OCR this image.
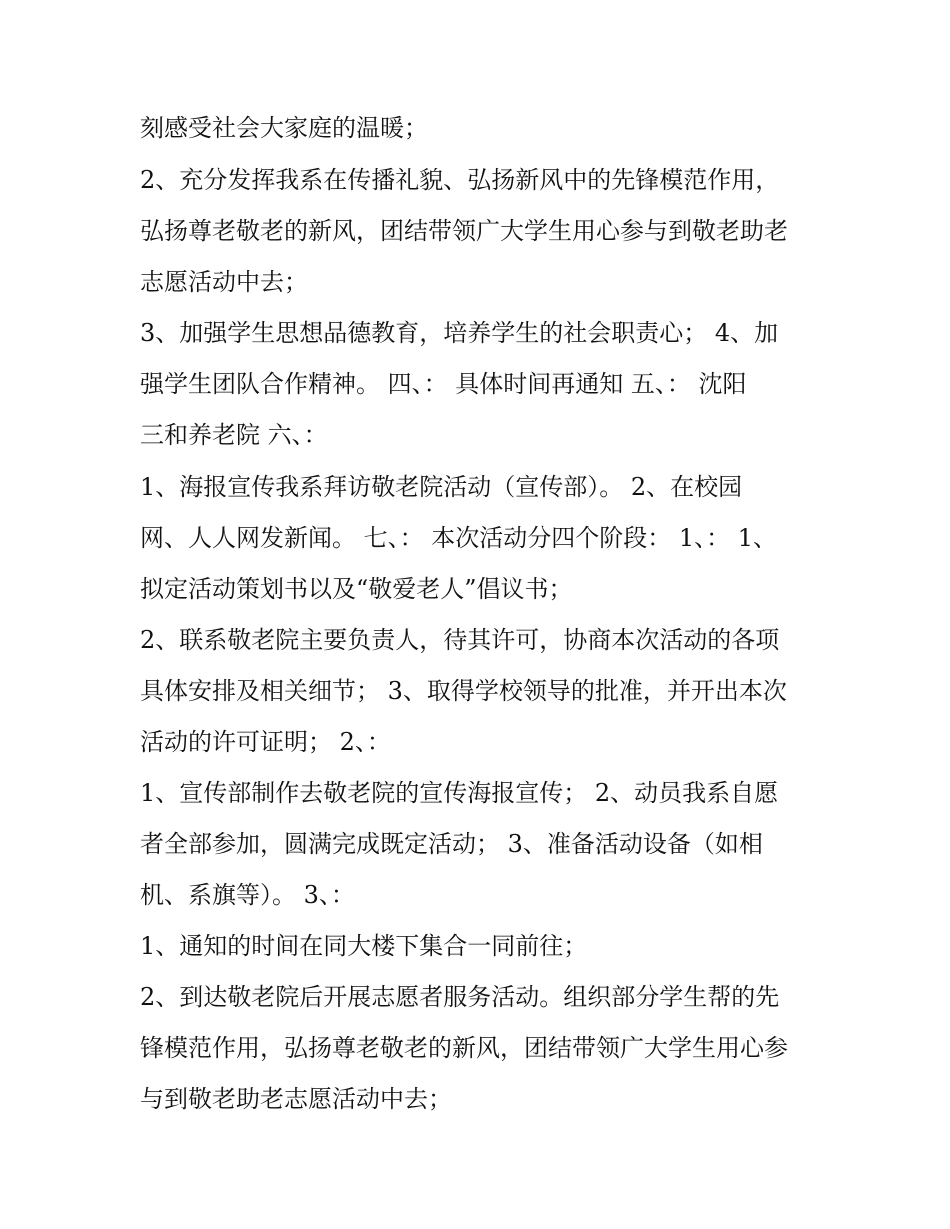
刻感受社会大家庭的温暖；
2、充分发挥我系在传播礼貌、弘扬新风中的先锋模范作用，
弘扬尊老敬老的新风，团结带领广大学生用心参与到敬老助老
志愿活动中去；
3、加强学生思想品德教育，培养学生的社会职责心； 4、加
强学生团队合作精神。 四、： 具体时间再通知 五、： 沈阳
三和养老院 六、：
1、海报宣传我系拜访敬老院活动（宣传部）。 2、在校园
网、人人网发新闻。 七、： 本次活动分四个阶段： 1、： 1、
拟定活动策划书以及“敬爱老人”倡议书；
2、联系敬老院主要负责人，待其许可，协商本次活动的各项
具体安排及相关细节； 3、取得学校领导的批准，并开出本次
活动的许可证明； 2、：
1、宣传部制作去敬老院的宣传海报宣传； 2、动员我系自愿
者全部参加，圆满完成既定活动； 3、准备活动设备（如相
机、系旗等）。 3、：
1、通知的时间在同大楼下集合一同前往；
2、到达敬老院后开展志愿者服务活动。组织部分学生帮的先
锋模范作用，弘扬尊老敬老的新风，团结带领广大学生用心参
与到敬老助老志愿活动中去；
